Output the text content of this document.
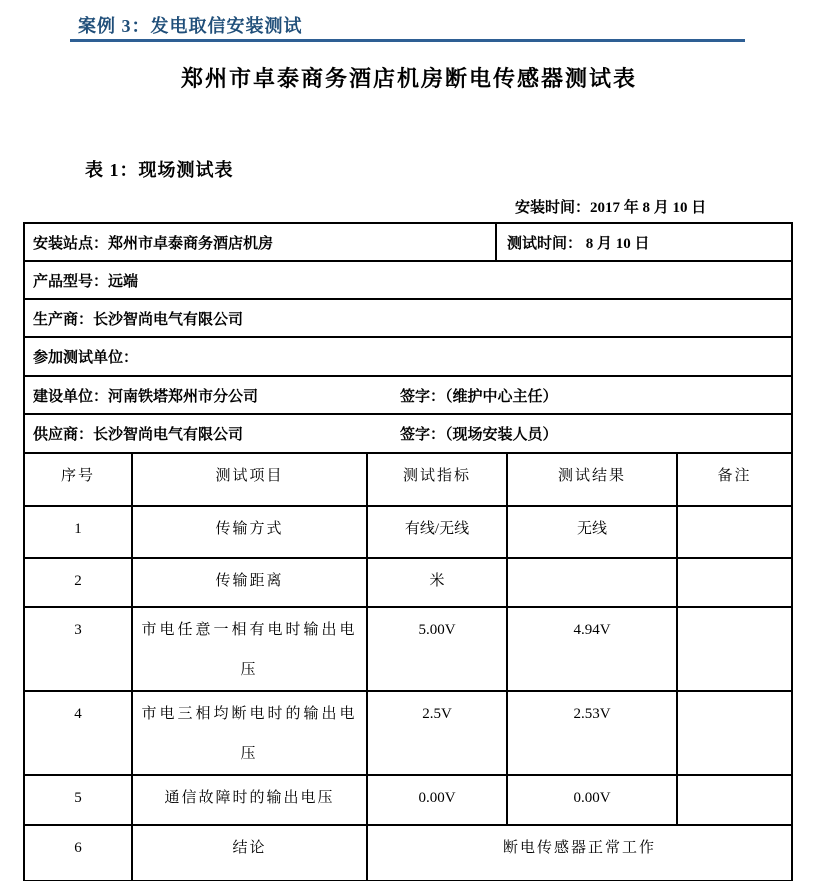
案例 3：发电取信安装测试
郑州市卓泰商务酒店机房断电传感器测试表
表 1：现场测试表
安装时间：2017 年 8 月 10 日
安装站点：郑州市卓泰商务酒店机房	测试时间： 8 月 10 日
产品型号：远端
生产商：长沙智尚电气有限公司
参加测试单位：
建设单位：河南铁塔郑州市分公司	签字：（维护中心主任）
供应商：长沙智尚电气有限公司	签字：（现场安装人员）
序号	测试项目	测试指标	测试结果	备注
1	传输方式	有线/无线	无线	
2	传输距离	米		
3	市电任意一相有电时输出电压	5.00V	4.94V	
4	市电三相均断电时的输出电压	2.5V	2.53V	
5	通信故障时的输出电压	0.00V	0.00V	
6	结论	断电传感器正常工作		
